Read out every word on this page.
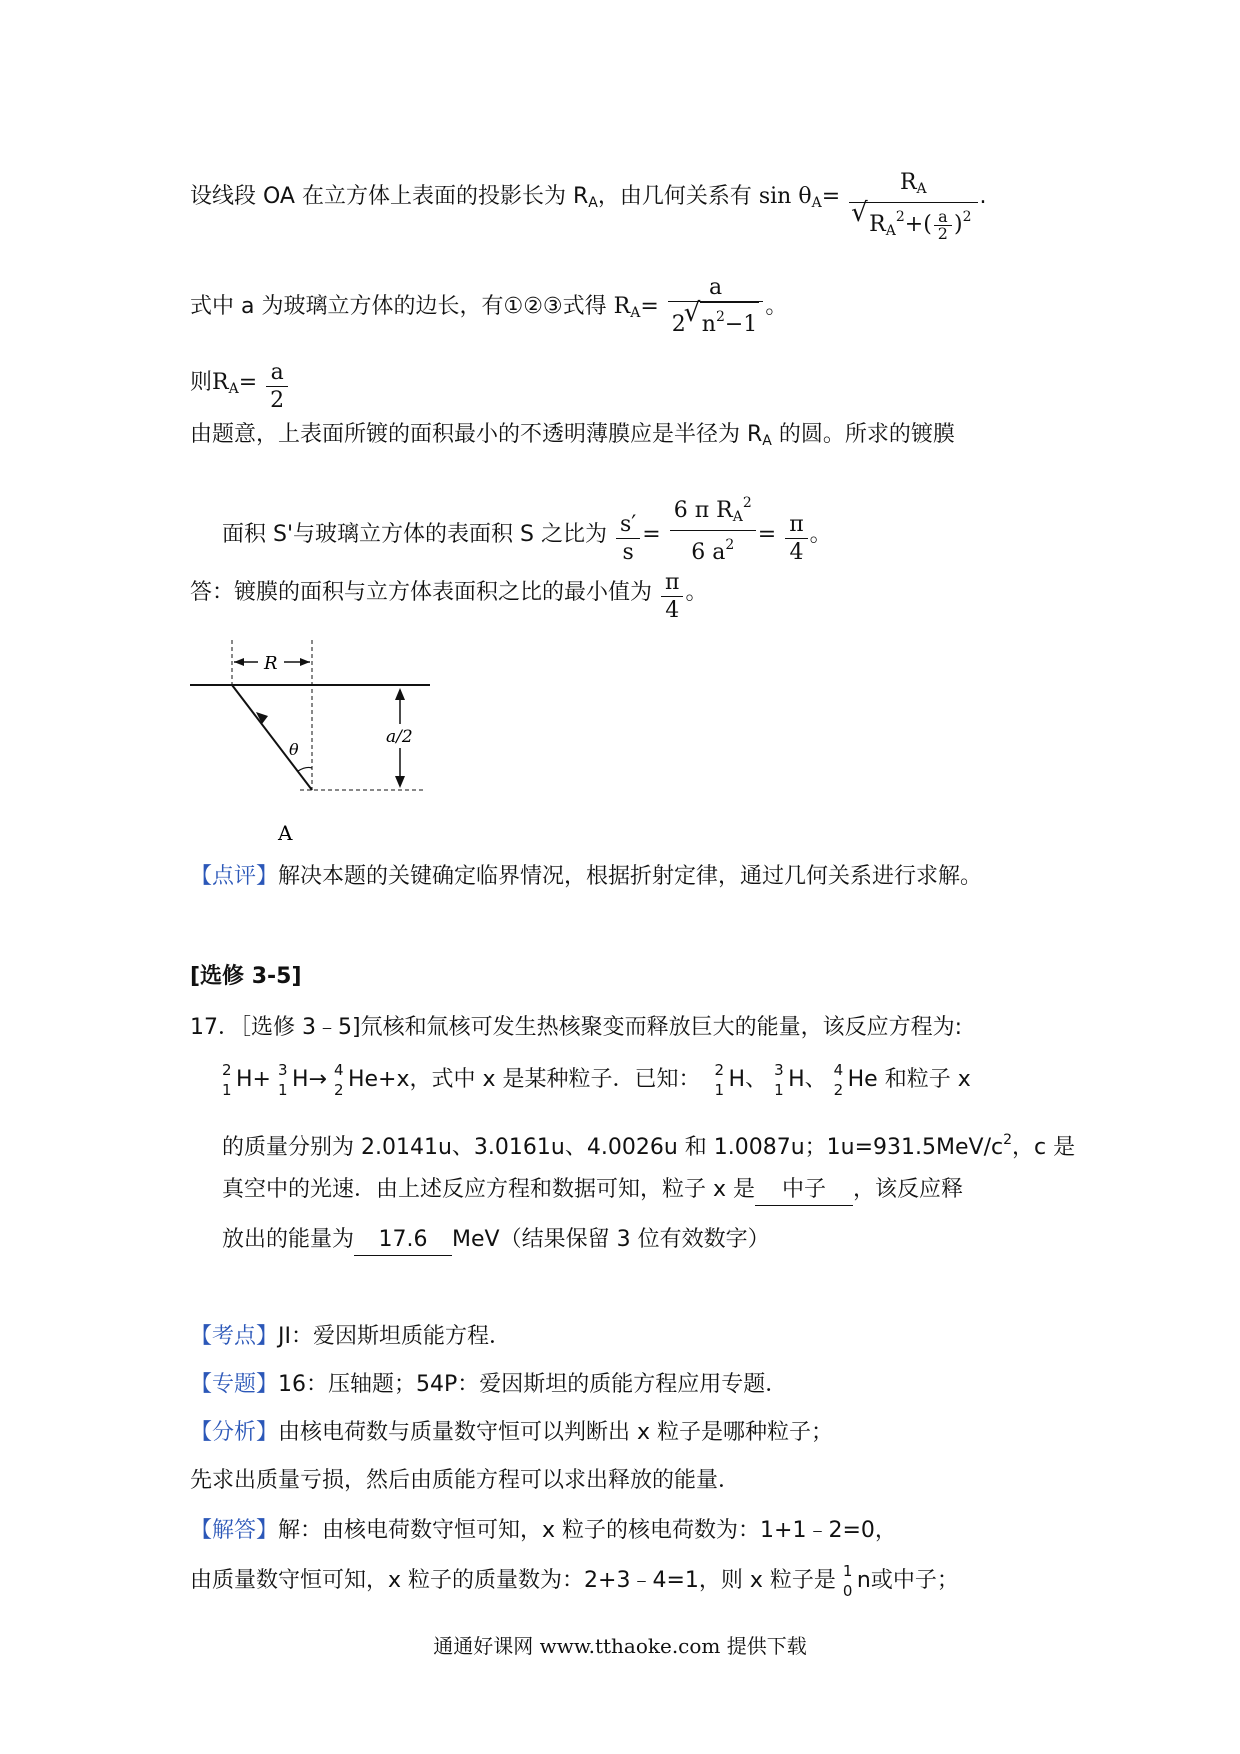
设线段 OA 在立方体上表面的投影长为 $R_A$，由几何关系有 $\sin \theta_A= R_A$
√ $R_A^2+( \frac{a}{2} )^2$ .
式中 a 为玻璃立方体的边长，有①②③式得 $R_A= \frac{a}{2√ n^2-1}$ 。
则$R_A= \frac{a}{2}$
由题意，上表面所镀的面积最小的不透明薄膜应是半径为 $R_A$ 的圆。所求的镀膜
面积 S'与玻璃立方体的表面积 S 之比为 $\frac{s'}{s} = \frac{6 \pi R_A^2}{6 a^2} = \frac{\pi}{4}$ 。
答：镀膜的面积与立方体表面积之比的最小值为 $\frac{\pi}{4}$ 。
R
θ
a/2
A
【点评】解决本题的关键确定临界情况，根据折射定律，通过几何关系进行求解。
[选修 3-5]
17．［选修 3﹣5]氘核和氚核可发生热核聚变而释放巨大的能量，该反应方程为:
2
1 H+ 3
1 H→ 4
2 He+x，式中 x 是某种粒子．已知： 2
1 H、 3
1 H、 4
2 He 和粒子 x
的质量分别为 2.0141u、3.0161u、4.0026u 和 1.0087u；$1u=931.5MeV/c^2$，c 是
真空中的光速．由上述反应方程和数据可知，粒子 x 是 中子 ，该反应释
放出的能量为 17.6 MeV（结果保留 3 位有效数字）
【考点】JI：爱因斯坦质能方程．
【专题】16：压轴题；54P：爱因斯坦的质能方程应用专题．
【分析】由核电荷数与质量数守恒可以判断出 x 粒子是哪种粒子；
先求出质量亏损，然后由质能方程可以求出释放的能量．
【解答】解：由核电荷数守恒可知，x 粒子的核电荷数为：1+1﹣2=0，
由质量数守恒可知，x 粒子的质量数为：2+3﹣4=1，则 x 粒子是 1
0 n或中子；
通通好课网 www.tthaoke.com 提供下载
